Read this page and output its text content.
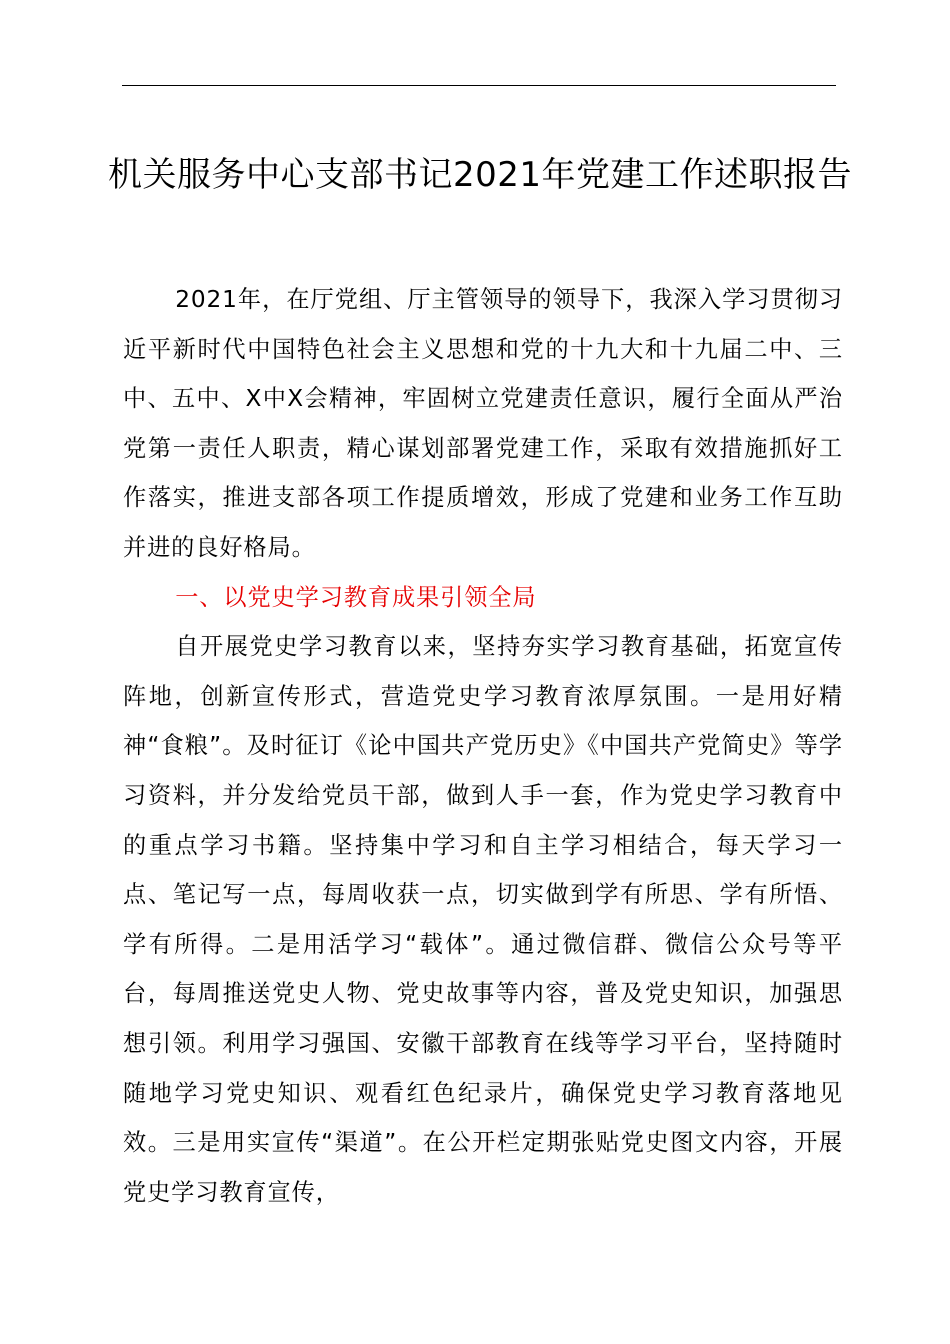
机关服务中心支部书记2021年党建工作述职报告

2021年，在厅党组、厅主管领导的领导下，我深入学习贯彻习近平新时代中国特色社会主义思想和党的十九大和十九届二中、三中、五中、X中X会精神，牢固树立党建责任意识，履行全面从严治党第一责任人职责，精心谋划部署党建工作，采取有效措施抓好工作落实，推进支部各项工作提质增效，形成了党建和业务工作互助并进的良好格局。

一、以党史学习教育成果引领全局

自开展党史学习教育以来，坚持夯实学习教育基础，拓宽宣传阵地，创新宣传形式，营造党史学习教育浓厚氛围。一是用好精神“食粮”。及时征订《论中国共产党历史》《中国共产党简史》等学习资料，并分发给党员干部，做到人手一套，作为党史学习教育中的重点学习书籍。坚持集中学习和自主学习相结合，每天学习一点、笔记写一点，每周收获一点，切实做到学有所思、学有所悟、学有所得。二是用活学习“载体”。通过微信群、微信公众号等平台，每周推送党史人物、党史故事等内容，普及党史知识，加强思想引领。利用学习强国、安徽干部教育在线等学习平台，坚持随时随地学习党史知识、观看红色纪录片，确保党史学习教育落地见效。三是用实宣传“渠道”。在公开栏定期张贴党史图文内容，开展党史学习教育宣传，
